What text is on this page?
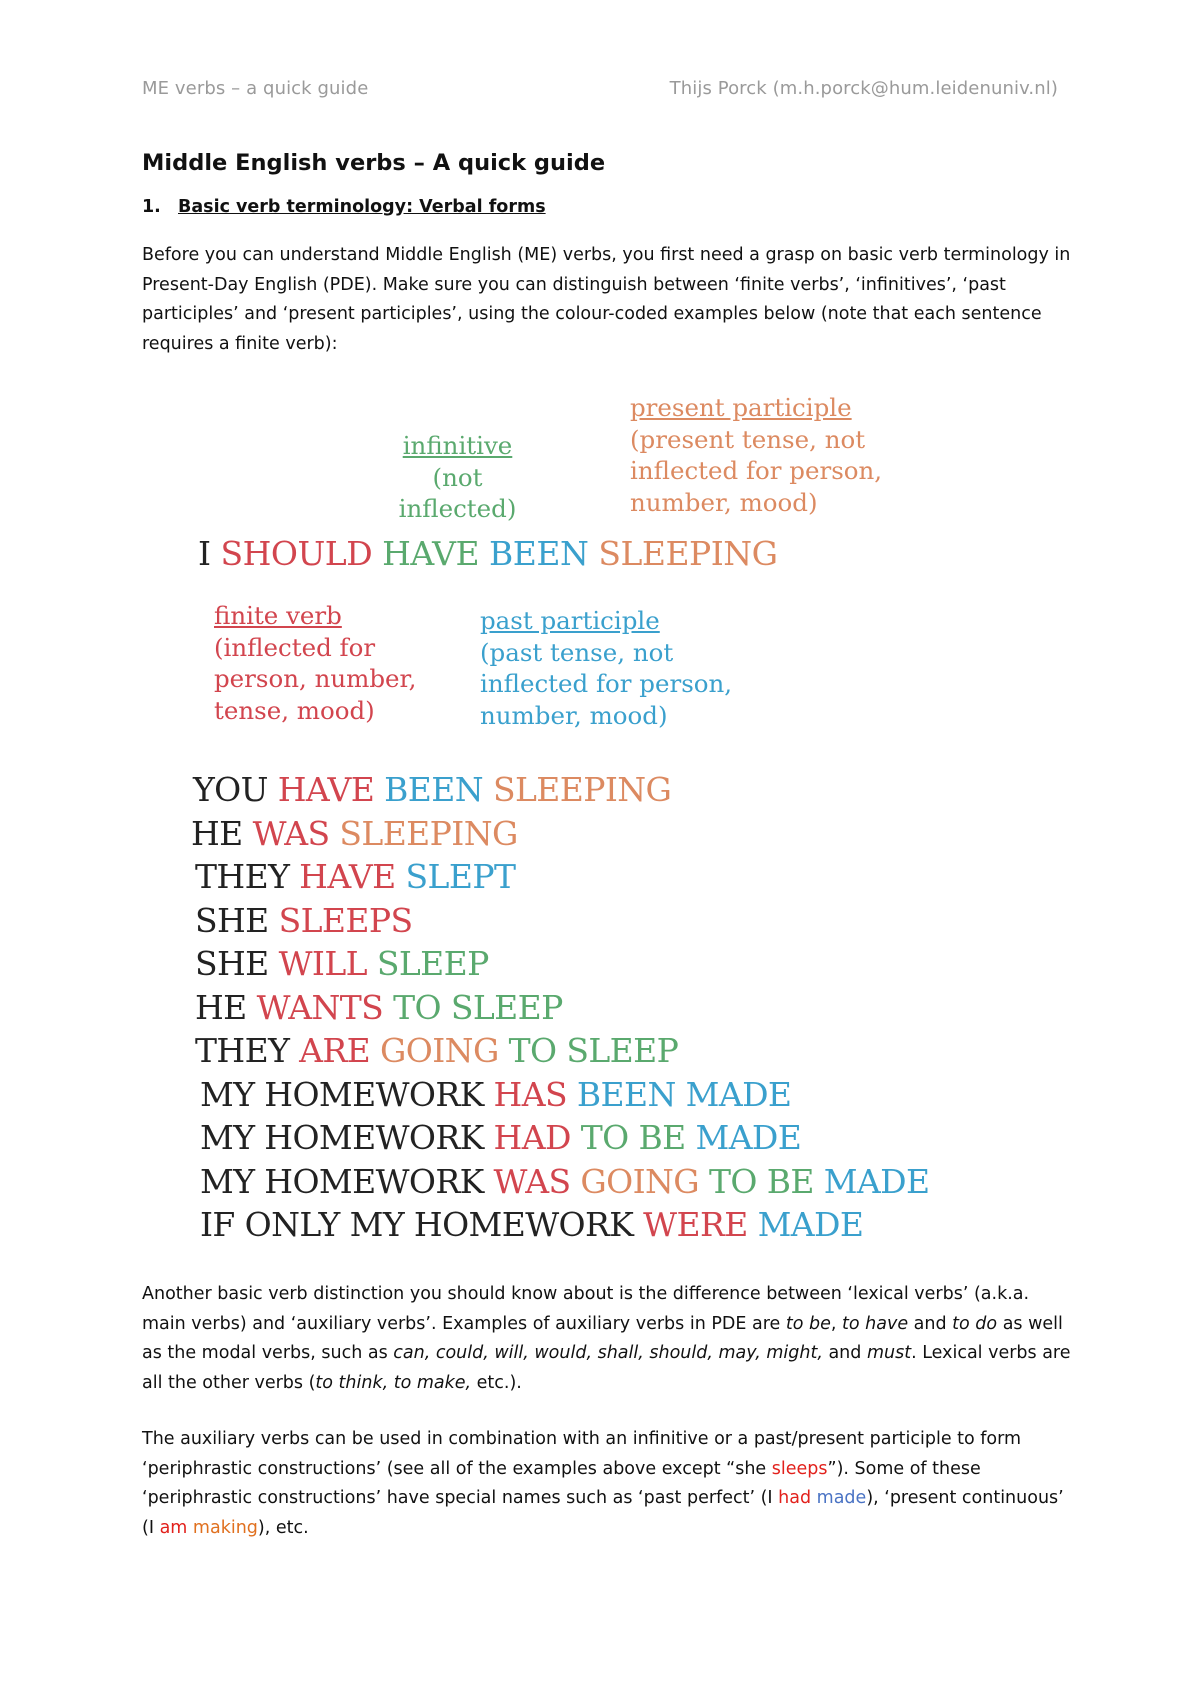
ME verbs – a quick guide	Thijs Porck (m.h.porck@hum.leidenuniv.nl)
Middle English verbs – A quick guide
1. Basic verb terminology: Verbal forms
Before you can understand Middle English (ME) verbs, you first need a grasp on basic verb terminology in Present-Day English (PDE). Make sure you can distinguish between ‘finite verbs’, ‘infinitives’, ‘past participles’ and ‘present participles’, using the colour-coded examples below (note that each sentence requires a finite verb):
infinitive
(not inflected)
present participle
(present tense, not
inflected for person,
number, mood)
I SHOULD HAVE BEEN SLEEPING
finite verb
(inflected for
person, number,
tense, mood)
past participle
(past tense, not
inflected for person,
number, mood)
YOU HAVE BEEN SLEEPING
HE WAS SLEEPING
THEY HAVE SLEPT
SHE SLEEPS
SHE WILL SLEEP
HE WANTS TO SLEEP
THEY ARE GOING TO SLEEP
MY HOMEWORK HAS BEEN MADE
MY HOMEWORK HAD TO BE MADE
MY HOMEWORK WAS GOING TO BE MADE
IF ONLY MY HOMEWORK WERE MADE
Another basic verb distinction you should know about is the difference between ‘lexical verbs’ (a.k.a. main verbs) and ‘auxiliary verbs’. Examples of auxiliary verbs in PDE are to be, to have and to do as well as the modal verbs, such as can, could, will, would, shall, should, may, might, and must. Lexical verbs are all the other verbs (to think, to make, etc.).
The auxiliary verbs can be used in combination with an infinitive or a past/present participle to form ‘periphrastic constructions’ (see all of the examples above except “she sleeps”). Some of these ‘periphrastic constructions’ have special names such as ‘past perfect’ (I had made), ‘present continuous’ (I am making), etc.
